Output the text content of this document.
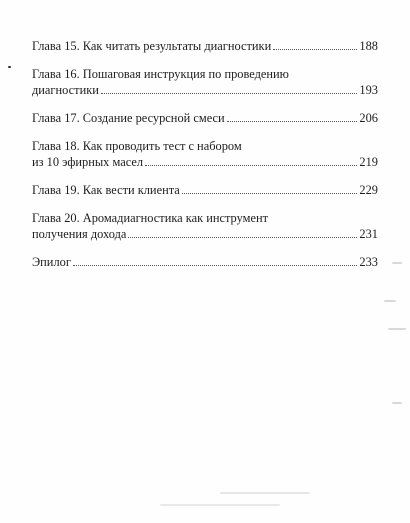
Глава 15. Как читать результаты диагностики	188
Глава 16. Пошаговая инструкция по проведению
диагностики	193
Глава 17. Создание ресурсной смеси	206
Глава 18. Как проводить тест с набором
из 10 эфирных масел	219
Глава 19. Как вести клиента	229
Глава 20. Аромадиагностика как инструмент
получения дохода	231
Эпилог	233
